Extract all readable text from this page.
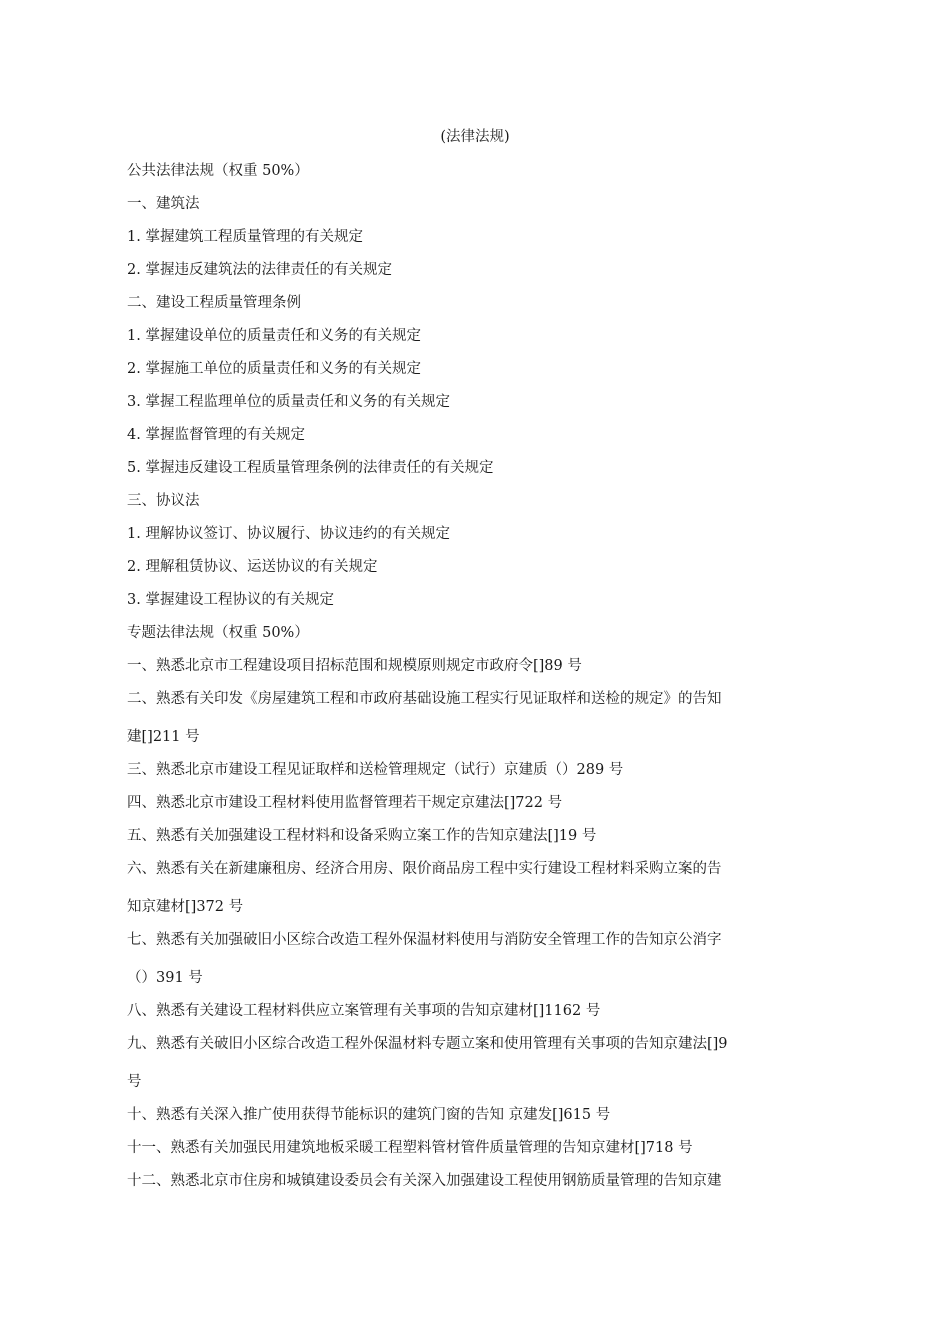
(法律法规)

公共法律法规（权重 50%）

一、建筑法

1. 掌握建筑工程质量管理的有关规定

2. 掌握违反建筑法的法律责任的有关规定

二、建设工程质量管理条例

1. 掌握建设单位的质量责任和义务的有关规定

2. 掌握施工单位的质量责任和义务的有关规定

3. 掌握工程监理单位的质量责任和义务的有关规定

4. 掌握监督管理的有关规定

5. 掌握违反建设工程质量管理条例的法律责任的有关规定

三、协议法

1. 理解协议签订、协议履行、协议违约的有关规定

2. 理解租赁协议、运送协议的有关规定

3. 掌握建设工程协议的有关规定

专题法律法规（权重 50%）

一、熟悉北京市工程建设项目招标范围和规模原则规定市政府令[]89 号

二、熟悉有关印发《房屋建筑工程和市政府基础设施工程实行见证取样和送检的规定》的告知

建[]211 号

三、熟悉北京市建设工程见证取样和送检管理规定（试行）京建质（）289 号

四、熟悉北京市建设工程材料使用监督管理若干规定京建法[]722 号

五、熟悉有关加强建设工程材料和设备采购立案工作的告知京建法[]19 号

六、熟悉有关在新建廉租房、经济合用房、限价商品房工程中实行建设工程材料采购立案的告

知京建材[]372 号

七、熟悉有关加强破旧小区综合改造工程外保温材料使用与消防安全管理工作的告知京公消字

（）391 号

八、熟悉有关建设工程材料供应立案管理有关事项的告知京建材[]1162 号

九、熟悉有关破旧小区综合改造工程外保温材料专题立案和使用管理有关事项的告知京建法[]9

号

十、熟悉有关深入推广使用获得节能标识的建筑门窗的告知 京建发[]615 号

十一、熟悉有关加强民用建筑地板采暖工程塑料管材管件质量管理的告知京建材[]718 号

十二、熟悉北京市住房和城镇建设委员会有关深入加强建设工程使用钢筋质量管理的告知京建
